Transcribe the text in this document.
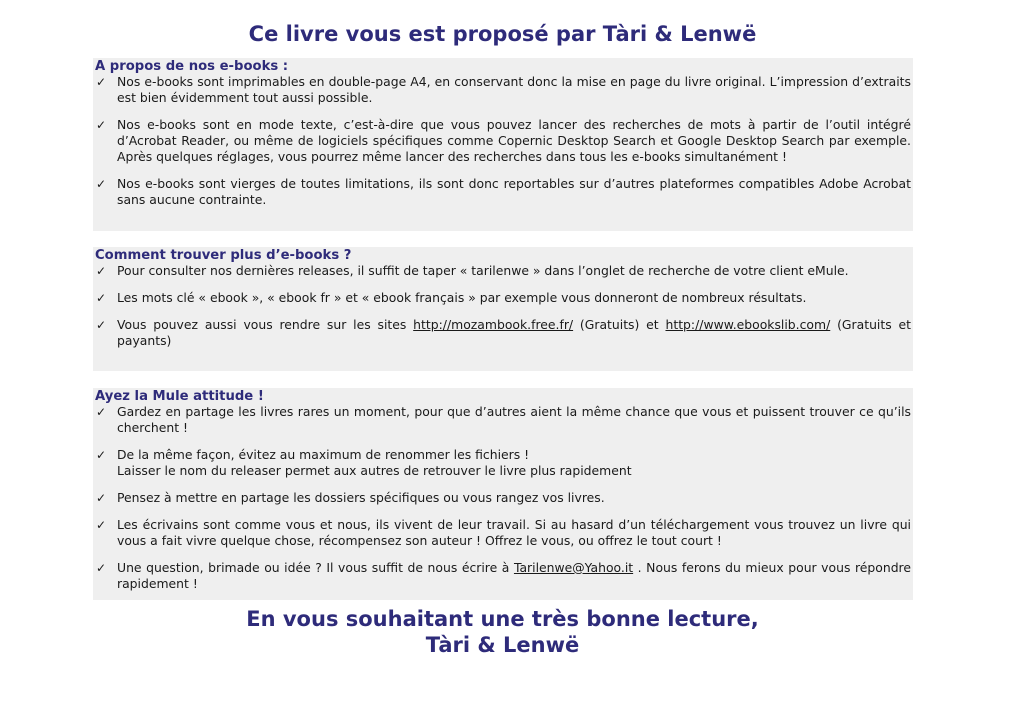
Ce livre vous est proposé par Tàri & Lenwë
A propos de nos e-books :
✓ Nos e-books sont imprimables en double-page A4, en conservant donc la mise en page du livre original. L’impression d’extraits est bien évidemment tout aussi possible.
✓ Nos e-books sont en mode texte, c’est-à-dire que vous pouvez lancer des recherches de mots à partir de l’outil intégré d’Acrobat Reader, ou même de logiciels spécifiques comme Copernic Desktop Search et Google Desktop Search par exemple. Après quelques réglages, vous pourrez même lancer des recherches dans tous les e-books simultanément !
✓ Nos e-books sont vierges de toutes limitations, ils sont donc reportables sur d’autres plateformes compatibles Adobe Acrobat sans aucune contrainte.
Comment trouver plus d’e-books ?
✓ Pour consulter nos dernières releases, il suffit de taper « tarilenwe » dans l’onglet de recherche de votre client eMule.
✓ Les mots clé « ebook », « ebook fr » et « ebook français » par exemple vous donneront de nombreux résultats.
✓ Vous pouvez aussi vous rendre sur les sites http://mozambook.free.fr/ (Gratuits) et http://www.ebookslib.com/ (Gratuits et payants)
Ayez la Mule attitude !
✓ Gardez en partage les livres rares un moment, pour que d’autres aient la même chance que vous et puissent trouver ce qu’ils cherchent !
✓ De la même façon, évitez au maximum de renommer les fichiers !
Laisser le nom du releaser permet aux autres de retrouver le livre plus rapidement
✓ Pensez à mettre en partage les dossiers spécifiques ou vous rangez vos livres.
✓ Les écrivains sont comme vous et nous, ils vivent de leur travail. Si au hasard d’un téléchargement vous trouvez un livre qui vous a fait vivre quelque chose, récompensez son auteur ! Offrez le vous, ou offrez le tout court !
✓ Une question, brimade ou idée ? Il vous suffit de nous écrire à Tarilenwe@Yahoo.it . Nous ferons du mieux pour vous répondre rapidement !
En vous souhaitant une très bonne lecture,
Tàri & Lenwë
